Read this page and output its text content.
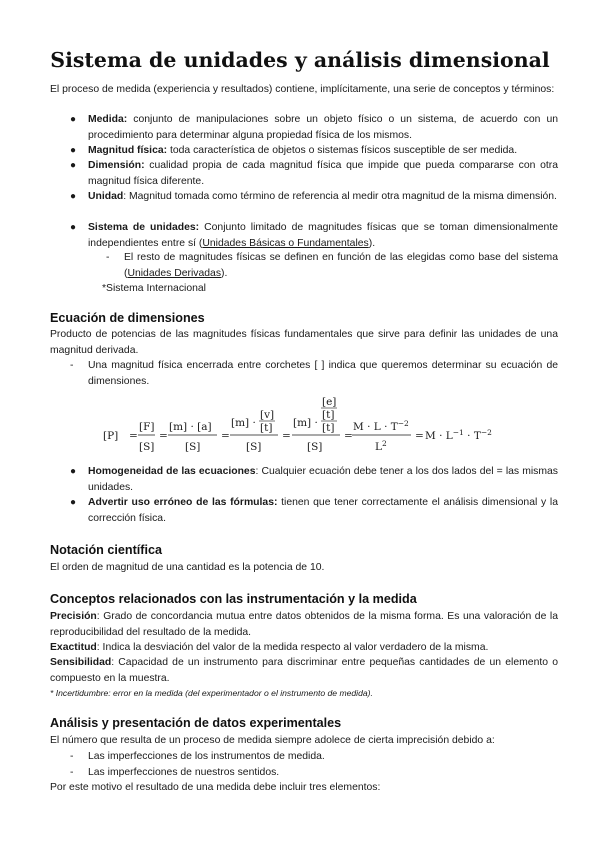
Sistema de unidades y análisis dimensional
El proceso de medida (experiencia y resultados) contiene, implícitamente, una serie de conceptos y términos:
●	Medida: conjunto de manipulaciones sobre un objeto físico o un sistema, de acuerdo con un procedimiento para determinar alguna propiedad física de los mismos.
●	Magnitud física: toda característica de objetos o sistemas físicos susceptible de ser medida.
●	Dimensión: cualidad propia de cada magnitud física que impide que pueda compararse con otra magnitud física diferente.
●	Unidad: Magnitud tomada como término de referencia al medir otra magnitud de la misma dimensión.
●	Sistema de unidades: Conjunto limitado de magnitudes físicas que se toman dimensionalmente independientes entre sí (Unidades Básicas o Fundamentales).
- El resto de magnitudes físicas se definen en función de las elegidas como base del sistema (Unidades Derivadas).
*Sistema Internacional
Ecuación de dimensiones
Producto de potencias de las magnitudes físicas fundamentales que sirve para definir las unidades de una magnitud derivada.
- Una magnitud física encerrada entre corchetes [ ] indica que queremos determinar su ecuación de dimensiones.
[P] =
[F]
[S]
=
[m] · [a]
[S]
=
[m] ·
[v]
[t]
[S]
=
[m] ·
[e]
[t]
[t]
[S]
=
$M \cdot L \cdot T^{-2}$
$L^2$
= $M \cdot L^{-1} \cdot T^{-2}$
●	Homogeneidad de las ecuaciones: Cualquier ecuación debe tener a los dos lados del = las mismas unidades.
●	Advertir uso erróneo de las fórmulas: tienen que tener correctamente el análisis dimensional y la corrección física.
Notación científica
El orden de magnitud de una cantidad es la potencia de 10.
Conceptos relacionados con las instrumentación y la medida
Precisión: Grado de concordancia mutua entre datos obtenidos de la misma forma. Es una valoración de la reproducibilidad del resultado de la medida.
Exactitud: Indica la desviación del valor de la medida respecto al valor verdadero de la misma.
Sensibilidad: Capacidad de un instrumento para discriminar entre pequeñas cantidades de un elemento o compuesto en la muestra.
* Incertidumbre: error en la medida (del experimentador o el instrumento de medida).
Análisis y presentación de datos experimentales
El número que resulta de un proceso de medida siempre adolece de cierta imprecisión debido a:
- Las imperfecciones de los instrumentos de medida.
- Las imperfecciones de nuestros sentidos.
Por este motivo el resultado de una medida debe incluir tres elementos:
